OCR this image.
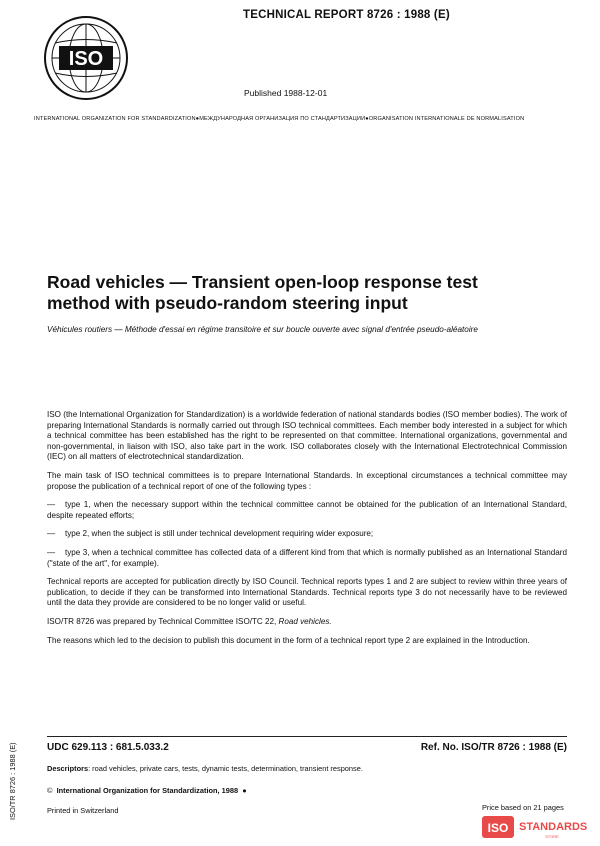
TECHNICAL REPORT 8726 : 1988 (E)
ISO
Published 1988-12-01
INTERNATIONAL ORGANIZATION FOR STANDARDIZATION●МЕЖДУНАРОДНАЯ ОРГАНИЗАЦИЯ ПО СТАНДАРТИЗАЦИИ●ORGANISATION INTERNATIONALE DE NORMALISATION
Road vehicles — Transient open-loop response test
method with pseudo-random steering input
Véhicules routiers — Méthode d'essai en régime transitoire et sur boucle ouverte avec signal d'entrée pseudo-aléatoire

ISO (the International Organization for Standardization) is a worldwide federation of national standards bodies (ISO member bodies). The work of preparing International Standards is normally carried out through ISO technical committees. Each member body interested in a subject for which a technical committee has been established has the right to be represented on that committee. International organizations, governmental and non-governmental, in liaison with ISO, also take part in the work. ISO collaborates closely with the International Electrotechnical Commission (IEC) on all matters of electrotechnical standardization.

The main task of ISO technical committees is to prepare International Standards. In exceptional circumstances a technical committee may propose the publication of a technical report of one of the following types :

— type 1, when the necessary support within the technical committee cannot be obtained for the publication of an International Standard, despite repeated efforts;

— type 2, when the subject is still under technical development requiring wider exposure;

— type 3, when a technical committee has collected data of a different kind from that which is normally published as an International Standard ("state of the art", for example).

Technical reports are accepted for publication directly by ISO Council. Technical reports types 1 and 2 are subject to review within three years of publication, to decide if they can be transformed into International Standards. Technical reports type 3 do not necessarily have to be reviewed until the data they provide are considered to be no longer valid or useful.

ISO/TR 8726 was prepared by Technical Committee ISO/TC 22, Road vehicles.

The reasons which led to the decision to publish this document in the form of a technical report type 2 are explained in the Introduction.

UDC 629.113 : 681.5.033.2	Ref. No. ISO/TR 8726 : 1988 (E)
Descriptors: road vehicles, private cars, tests, dynamic tests, determination, transient response.
© International Organization for Standardization, 1988 ●
Printed in Switzerland	Price based on 21 pages
ISO/TR 8726 : 1988 (E)
ISO STANDARDS
STORE
